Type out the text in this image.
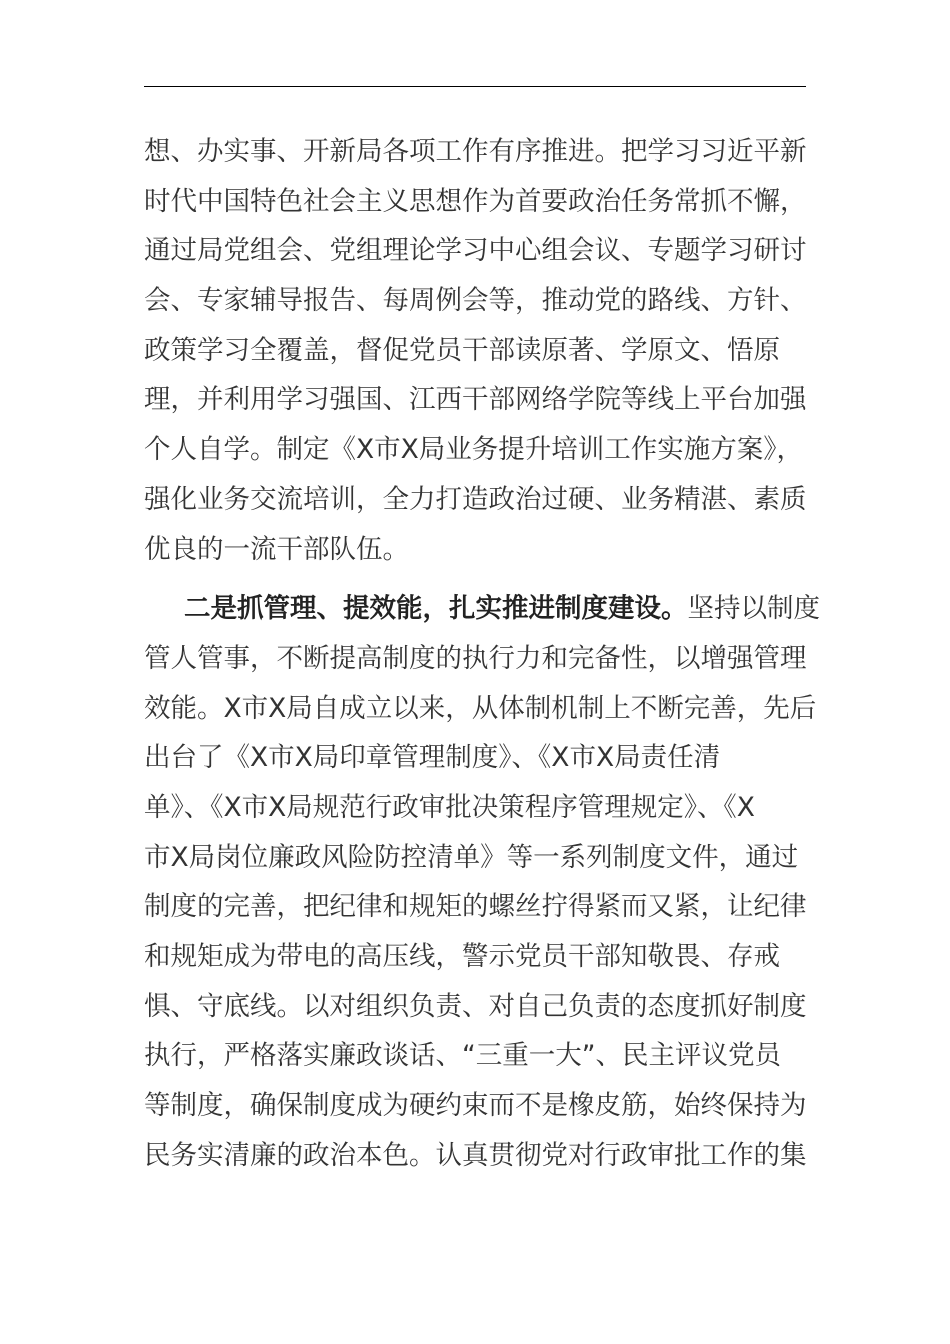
想、办实事、开新局各项工作有序推进。把学习习近平新
时代中国特色社会主义思想作为首要政治任务常抓不懈，
通过局党组会、党组理论学习中心组会议、专题学习研讨
会、专家辅导报告、每周例会等，推动党的路线、方针、
政策学习全覆盖，督促党员干部读原著、学原文、悟原
理，并利用学习强国、江西干部网络学院等线上平台加强
个人自学。制定《X市X局业务提升培训工作实施方案》，
强化业务交流培训，全力打造政治过硬、业务精湛、素质
优良的一流干部队伍。
二是抓管理、提效能，扎实推进制度建设。坚持以制度
管人管事，不断提高制度的执行力和完备性，以增强管理
效能。X市X局自成立以来，从体制机制上不断完善，先后
出台了《X市X局印章管理制度》、《X市X局责任清
单》、《X市X局规范行政审批决策程序管理规定》、《X
市X局岗位廉政风险防控清单》等一系列制度文件，通过
制度的完善，把纪律和规矩的螺丝拧得紧而又紧，让纪律
和规矩成为带电的高压线，警示党员干部知敬畏、存戒
惧、守底线。以对组织负责、对自己负责的态度抓好制度
执行，严格落实廉政谈话、“三重一大”、民主评议党员
等制度，确保制度成为硬约束而不是橡皮筋，始终保持为
民务实清廉的政治本色。认真贯彻党对行政审批工作的集
